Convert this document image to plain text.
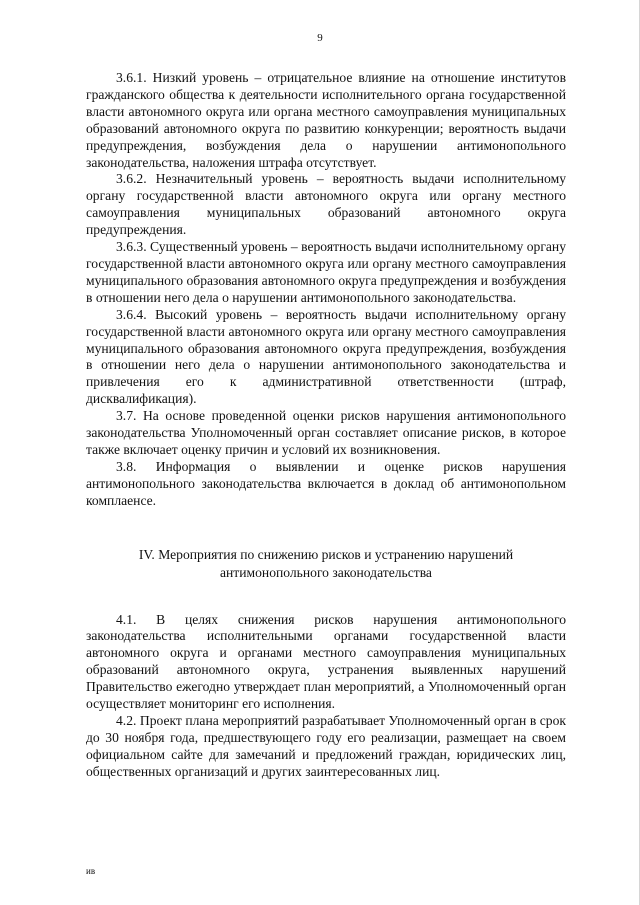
9

3.6.1. Низкий уровень – отрицательное влияние на отношение институтов гражданского общества к деятельности исполнительного органа государственной власти автономного округа или органа местного самоуправления муниципальных образований автономного округа по развитию конкуренции; вероятность выдачи предупреждения, возбуждения дела о нарушении антимонопольного законодательства, наложения штрафа отсутствует.

3.6.2. Незначительный уровень – вероятность выдачи исполнительному органу государственной власти автономного округа или органу местного самоуправления муниципальных образований автономного округа предупреждения.

3.6.3. Существенный уровень – вероятность выдачи исполнительному органу государственной власти автономного округа или органу местного самоуправления муниципального образования автономного округа предупреждения и возбуждения в отношении него дела о нарушении антимонопольного законодательства.

3.6.4. Высокий уровень – вероятность выдачи исполнительному органу государственной власти автономного округа или органу местного самоуправления муниципального образования автономного округа предупреждения, возбуждения в отношении него дела о нарушении антимонопольного законодательства и привлечения его к административной ответственности (штраф, дисквалификация).

3.7. На основе проведенной оценки рисков нарушения антимонопольного законодательства Уполномоченный орган составляет описание рисков, в которое также включает оценку причин и условий их возникновения.

3.8. Информация о выявлении и оценке рисков нарушения антимонопольного законодательства включается в доклад об антимонопольном комплаенсе.

IV. Мероприятия по снижению рисков и устранению нарушений
антимонопольного законодательства

4.1. В целях снижения рисков нарушения антимонопольного законодательства исполнительными органами государственной власти автономного округа и органами местного самоуправления муниципальных образований автономного округа, устранения выявленных нарушений Правительство ежегодно утверждает план мероприятий, а Уполномоченный орган осуществляет мониторинг его исполнения.

4.2. Проект плана мероприятий разрабатывает Уполномоченный орган в срок до 30 ноября года, предшествующего году его реализации, размещает на своем официальном сайте для замечаний и предложений граждан, юридических лиц, общественных организаций и других заинтересованных лиц.

ив
